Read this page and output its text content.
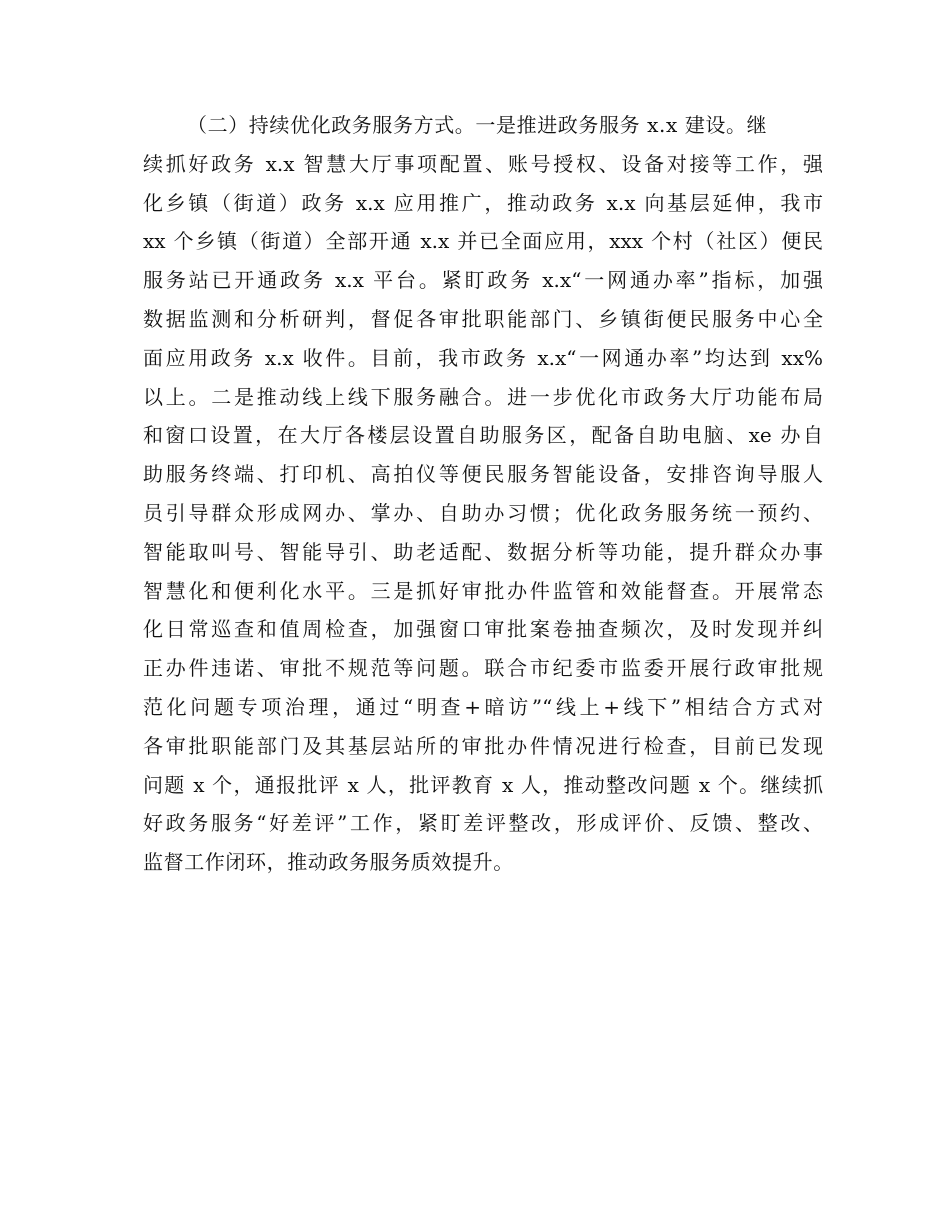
（二）持续优化政务服务方式。一是推进政务服务 x.x 建设。继
续抓好政务 x.x 智慧大厅事项配置、账号授权、设备对接等工作，强
化乡镇（街道）政务 x.x 应用推广，推动政务 x.x 向基层延伸，我市
xx 个乡镇（街道）全部开通 x.x 并已全面应用，xxx 个村（社区）便民
服务站已开通政务 x.x 平台。紧盯政务 x.x“一网通办率”指标，加强
数据监测和分析研判，督促各审批职能部门、乡镇街便民服务中心全
面应用政务 x.x 收件。目前，我市政务 x.x“一网通办率”均达到 xx%
以上。二是推动线上线下服务融合。进一步优化市政务大厅功能布局
和窗口设置，在大厅各楼层设置自助服务区，配备自助电脑、xe 办自
助服务终端、打印机、高拍仪等便民服务智能设备，安排咨询导服人
员引导群众形成网办、掌办、自助办习惯；优化政务服务统一预约、
智能取叫号、智能导引、助老适配、数据分析等功能，提升群众办事
智慧化和便利化水平。三是抓好审批办件监管和效能督查。开展常态
化日常巡查和值周检查，加强窗口审批案卷抽查频次，及时发现并纠
正办件违诺、审批不规范等问题。联合市纪委市监委开展行政审批规
范化问题专项治理，通过“明查+暗访”“线上+线下”相结合方式对
各审批职能部门及其基层站所的审批办件情况进行检查，目前已发现
问题 x 个，通报批评 x 人，批评教育 x 人，推动整改问题 x 个。继续抓
好政务服务“好差评”工作，紧盯差评整改，形成评价、反馈、整改、
监督工作闭环，推动政务服务质效提升。
